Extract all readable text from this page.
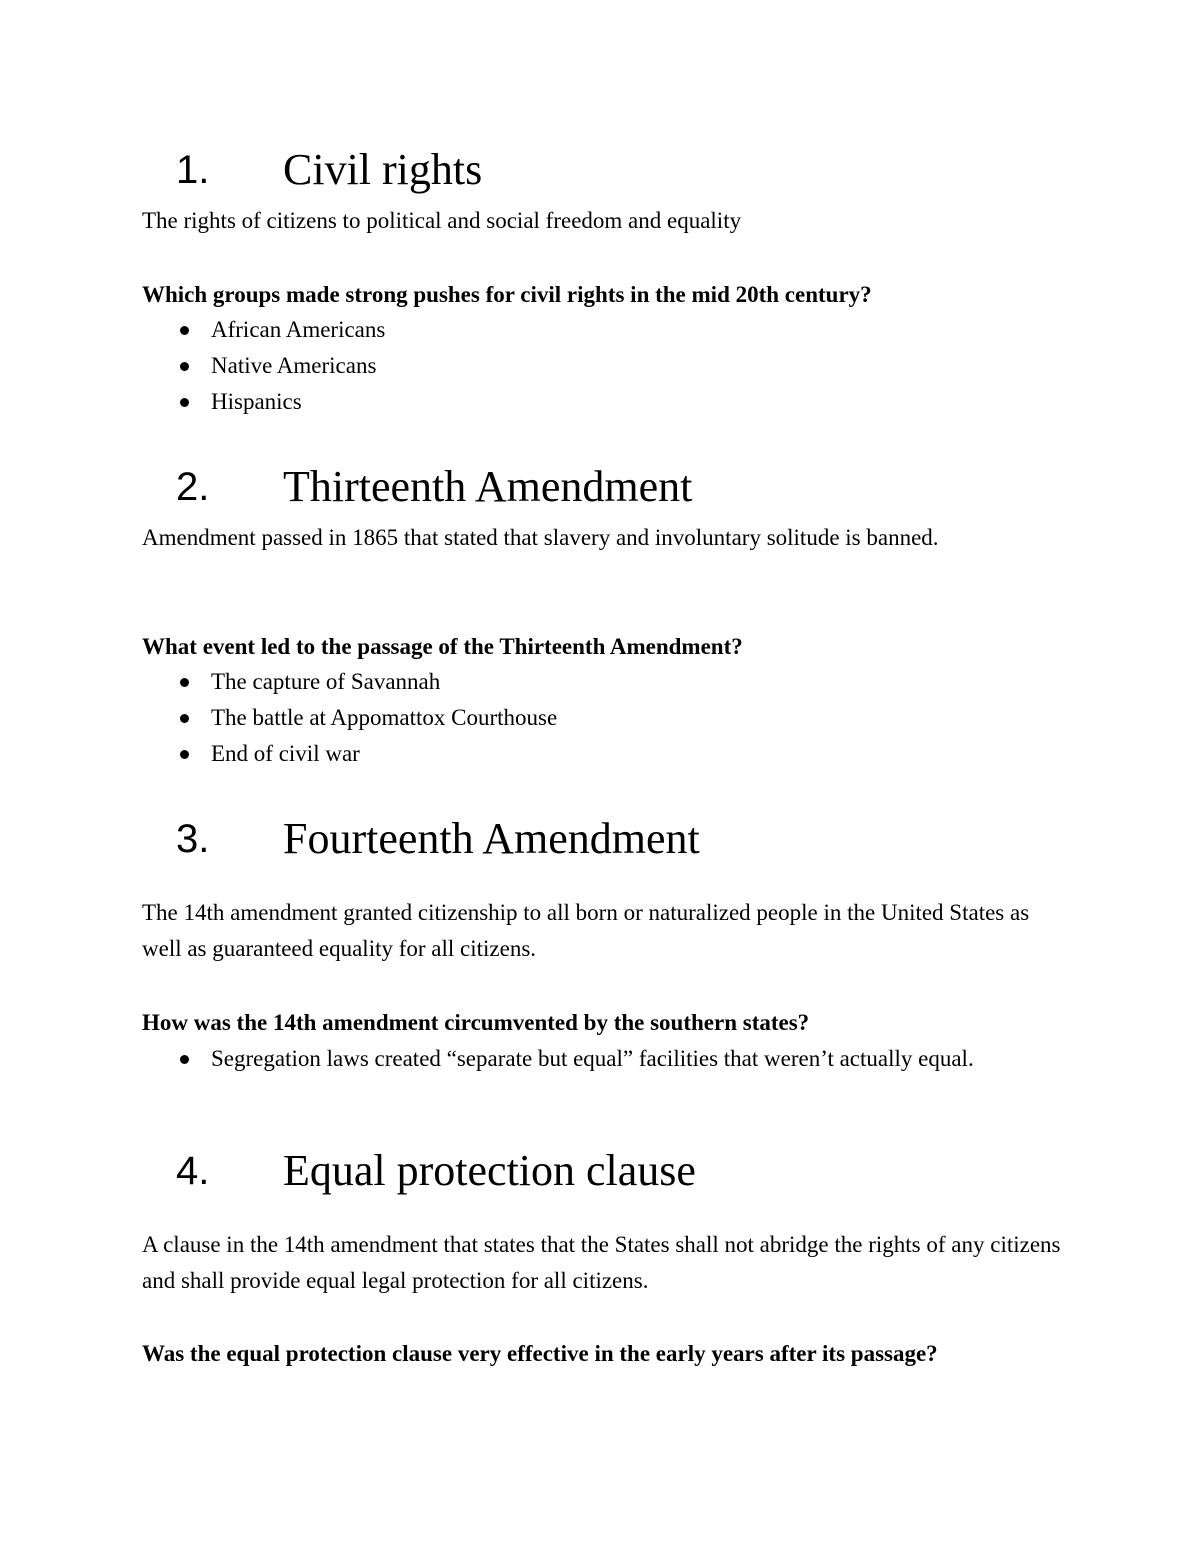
1. Civil rights
The rights of citizens to political and social freedom and equality
Which groups made strong pushes for civil rights in the mid 20th century?
African Americans
Native Americans
Hispanics
2. Thirteenth Amendment
Amendment passed in 1865 that stated that slavery and involuntary solitude is banned.
What event led to the passage of the Thirteenth Amendment?
The capture of Savannah
The battle at Appomattox Courthouse
End of civil war
3. Fourteenth Amendment
The 14th amendment granted citizenship to all born or naturalized people in the United States as well as guaranteed equality for all citizens.
How was the 14th amendment circumvented by the southern states?
Segregation laws created “separate but equal” facilities that weren’t actually equal.
4. Equal protection clause
A clause in the 14th amendment that states that the States shall not abridge the rights of any citizens and shall provide equal legal protection for all citizens.
Was the equal protection clause very effective in the early years after its passage?
